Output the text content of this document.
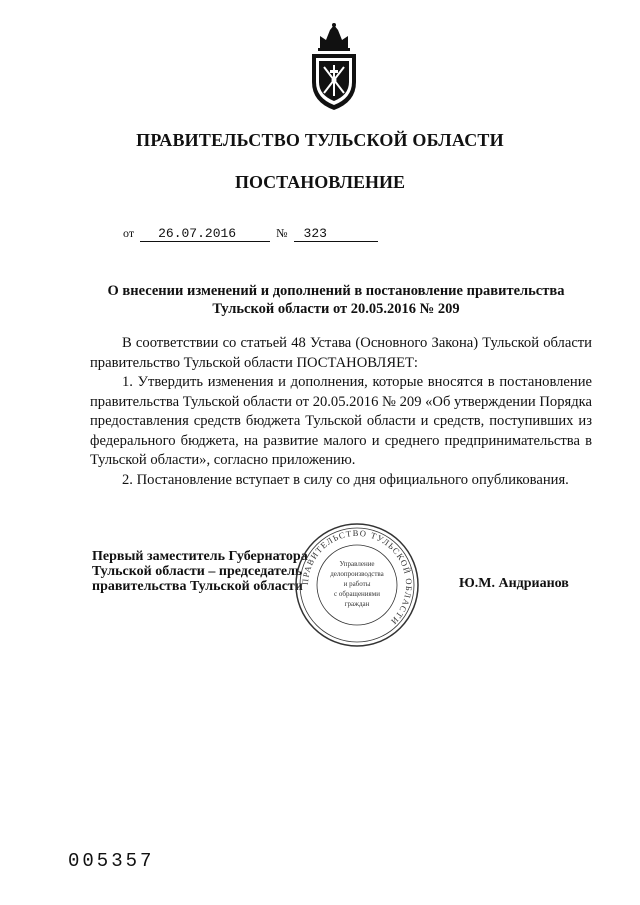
ПРАВИТЕЛЬСТВО ТУЛЬСКОЙ ОБЛАСТИ
ПОСТАНОВЛЕНИЕ
от 26.07.2016	№ 323
О внесении изменений и дополнений в постановление правительства Тульской области от 20.05.2016 № 209

В соответствии со статьей 48 Устава (Основного Закона) Тульской области правительство Тульской области ПОСТАНОВЛЯЕТ:

1. Утвердить изменения и дополнения, которые вносятся в постановление правительства Тульской области от 20.05.2016 № 209 «Об утверждении Порядка предоставления средств бюджета Тульской области и средств, поступивших из федерального бюджета, на развитие малого и среднего предпринимательства в Тульской области», согласно приложению.

2. Постановление вступает в силу со дня официального опубликования.

Первый заместитель Губернатора
Тульской области – председатель
правительства Тульской области
ПРАВИТЕЛЬСТВО ТУЛЬСКОЙ ОБЛАСТИ
Управление
делопроизводства
и работы
с обращениями
граждан
Ю.М. Андрианов
005357
